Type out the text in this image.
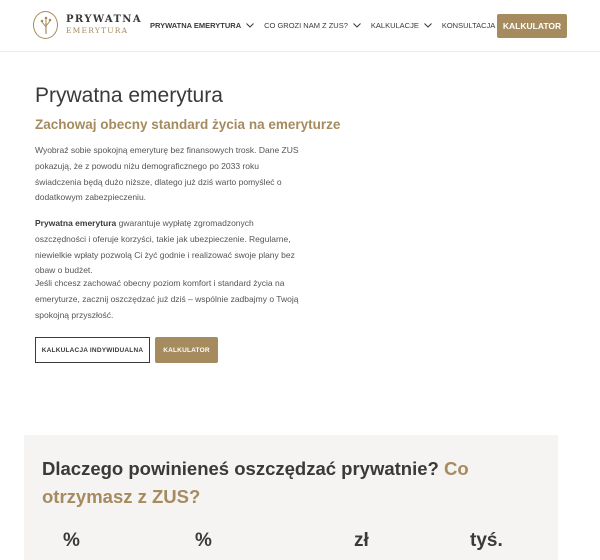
PRYWATNA
EMERYTURA
PRYWATNA EMERYTURA	CO GROZI NAM Z ZUS?	KALKULACJE	KONSULTACJA KALKULATOR
Prywatna emerytura
Zachowaj obecny standard życia na emeryturze

Wyobraź sobie spokojną emeryturę bez finansowych trosk. Dane ZUS pokazują, że z powodu niżu demograficznego po 2033 roku świadczenia będą dużo niższe, dlatego już dziś warto pomyśleć o dodatkowym zabezpieczeniu.

Prywatna emerytura gwarantuje wypłatę zgromadzonych oszczędności i oferuje korzyści, takie jak ubezpieczenie. Regularne, niewielkie wpłaty pozwolą Ci żyć godnie i realizować swoje plany bez obaw o budżet.

Jeśli chcesz zachować obecny poziom komfort i standard życia na emeryturze, zacznij oszczędzać już dziś – wspólnie zadbajmy o Twoją spokojną przyszłość.

KALKULACJA INDYWIDUALNA	KALKULATOR
Dlaczego powinieneś oszczędzać prywatnie? Co otrzymasz z ZUS?
%	%	zł	tyś.
